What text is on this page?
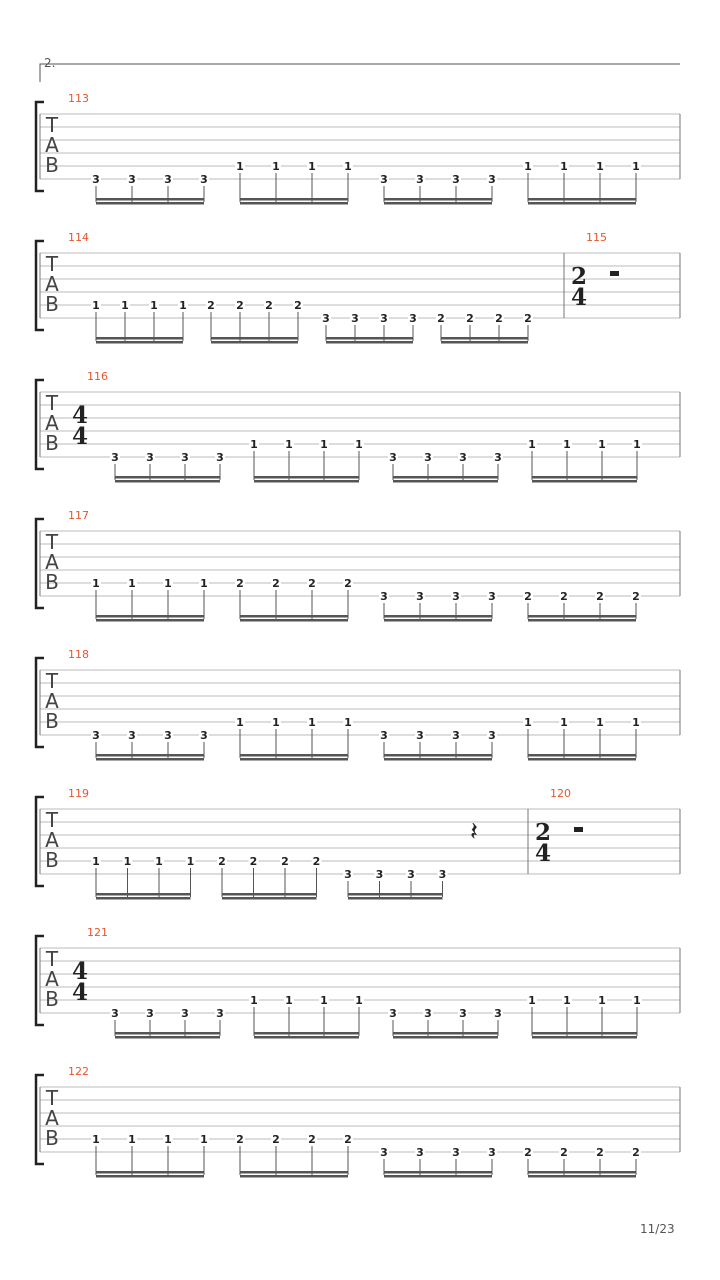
T
A
B
113
3	3	3	3
1	1	1	1
3	3	3	3
1	1	1	1
T
A
B
114
1 1 1 1 2 2 2 2
3 3 3 3 2 2 2 2
115
2
4
T
A
B
116
4
4
3 3 3 3
1 1 1 1
3 3 3 3
1 1 1 1
T
A
B
117
1	1	1	1	2	2	2	2
3	3	3	3	2	2	2	2
T
A
B
118
3	3	3	3
1	1	1	1
3	3	3	3
1	1	1	1
T
A
B
119
𝄽
1 1 1 1 2 2 2 2
3 3 3 3
120
2
4
T
A
B
121
4
4
3 3 3 3
1 1 1 1
3 3 3 3
1 1 1 1
T
A
B
122
1	1	1	1	2	2	2	2
3	3	3	3	2	2	2	2
2.
11/23
